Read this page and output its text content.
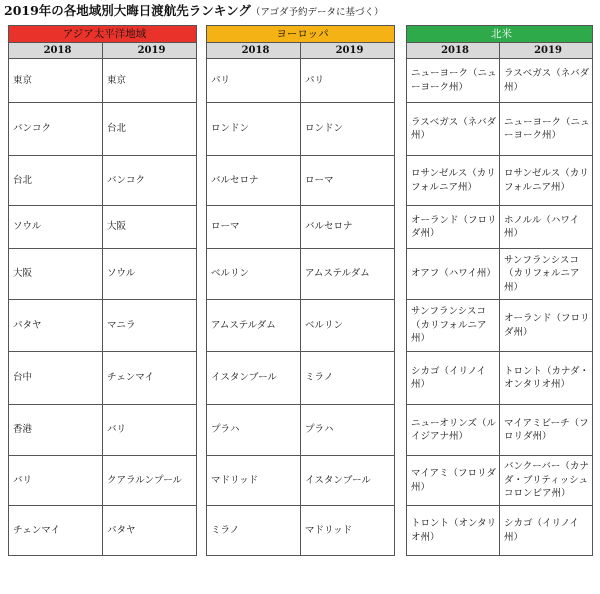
2019年の各地域別大晦日渡航先ランキング（アゴダ予約データに基づく）
アジア太平洋地域	
2018	2019
東京	東京
バンコク	台北
台北	バンコク
ソウル	大阪
大阪	ソウル
パタヤ	マニラ
台中	チェンマイ
香港	バリ
バリ	クアラルンプール
チェンマイ	パタヤ
ヨーロッパ	
2018	2019
パリ	パリ
ロンドン	ロンドン
バルセロナ	ローマ
ローマ	バルセロナ
ベルリン	アムステルダム
アムステルダム	ベルリン
イスタンブール	ミラノ
プラハ	プラハ
マドリッド	イスタンブール
ミラノ	マドリッド
北米	
2018	2019
ニューヨーク（ニューヨーク州）	ラスベガス（ネバダ州）
ラスベガス（ネバダ州）	ニューヨーク（ニューヨーク州）
ロサンゼルス（カリフォルニア州）	ロサンゼルス（カリフォルニア州）
オーランド（フロリダ州）	ホノルル（ハワイ州）
オアフ（ハワイ州）	サンフランシスコ（カリフォルニア州）
サンフランシスコ（カリフォルニア州）	オーランド（フロリダ州）
シカゴ（イリノイ州）	トロント（カナダ・オンタリオ州）
ニューオリンズ（ルイジアナ州）	マイアミビーチ（フロリダ州）
マイアミ（フロリダ州）	バンクーバー（カナダ・ブリティッシュコロンビア州）
トロント（オンタリオ州）	シカゴ（イリノイ州）
